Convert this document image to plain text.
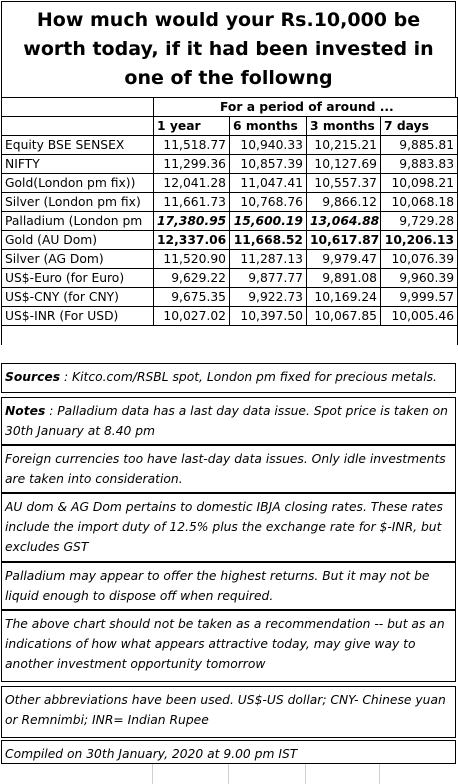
How much would your Rs.10,000 be worth today, if it had been invested in one of the followng
	For a period of around ...			
	1 year	6 months	3 months	7 days
Equity BSE SENSEX	11,518.77	10,940.33	10,215.21	9,885.81
NIFTY	11,299.36	10,857.39	10,127.69	9,883.83
Gold(London pm fix))	12,041.28	11,047.41	10,557.37	10,098.21
Silver (London pm fix)	11,661.73	10,768.76	9,866.12	10,068.18
Palladium (London pm	17,380.95	15,600.19	13,064.88	9,729.28
Gold (AU Dom)	12,337.06	11,668.52	10,617.87	10,206.13
Silver (AG Dom)	11,520.90	11,287.13	9,979.47	10,076.39
US$-Euro (for Euro)	9,629.22	9,877.77	9,891.08	9,960.39
US$-CNY (for CNY)	9,675.35	9,922.73	10,169.24	9,999.57
US$-INR (For USD)	10,027.02	10,397.50	10,067.85	10,005.46

Sources : Kitco.com/RSBL spot, London pm fixed for precious metals.
Notes : Palladium data has a last day data issue. Spot price is taken on 30th January at 8.40 pm
Foreign currencies too have last-day data issues. Only idle investments are taken into consideration.
AU dom & AG Dom pertains to domestic IBJA closing rates. These rates include the import duty of 12.5% plus the exchange rate for $-INR, but excludes GST
Palladium may appear to offer the highest returns. But it may not be liquid enough to dispose off when required.
The above chart should not be taken as a recommendation -- but as an indications of how what appears attractive today, may give way to another investment opportunity tomorrow
Other abbreviations have been used. US$-US dollar; CNY- Chinese yuan or Remnimbi; INR= Indian Rupee
Compiled on 30th January, 2020 at 9.00 pm IST
